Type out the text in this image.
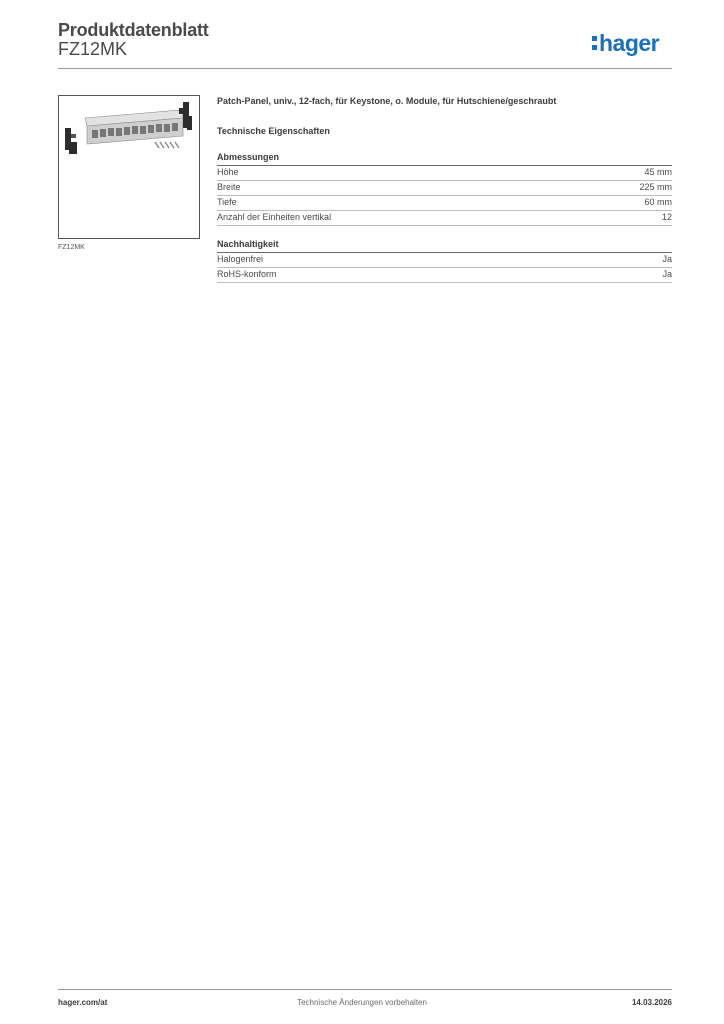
Produktdatenblatt
FZ12MK	hager
FZ12MK
Patch-Panel, univ., 12-fach, für Keystone, o. Module, für Hutschiene/geschraubt
Technische Eigenschaften
Abmessungen
Höhe	45 mm
Breite	225 mm
Tiefe	60 mm
Anzahl der Einheiten vertikal	12
Nachhaltigkeit
Halogenfrei	Ja
RoHS-konform	Ja
hager.com/at	Technische Änderungen vorbehalten	14.03.2026
